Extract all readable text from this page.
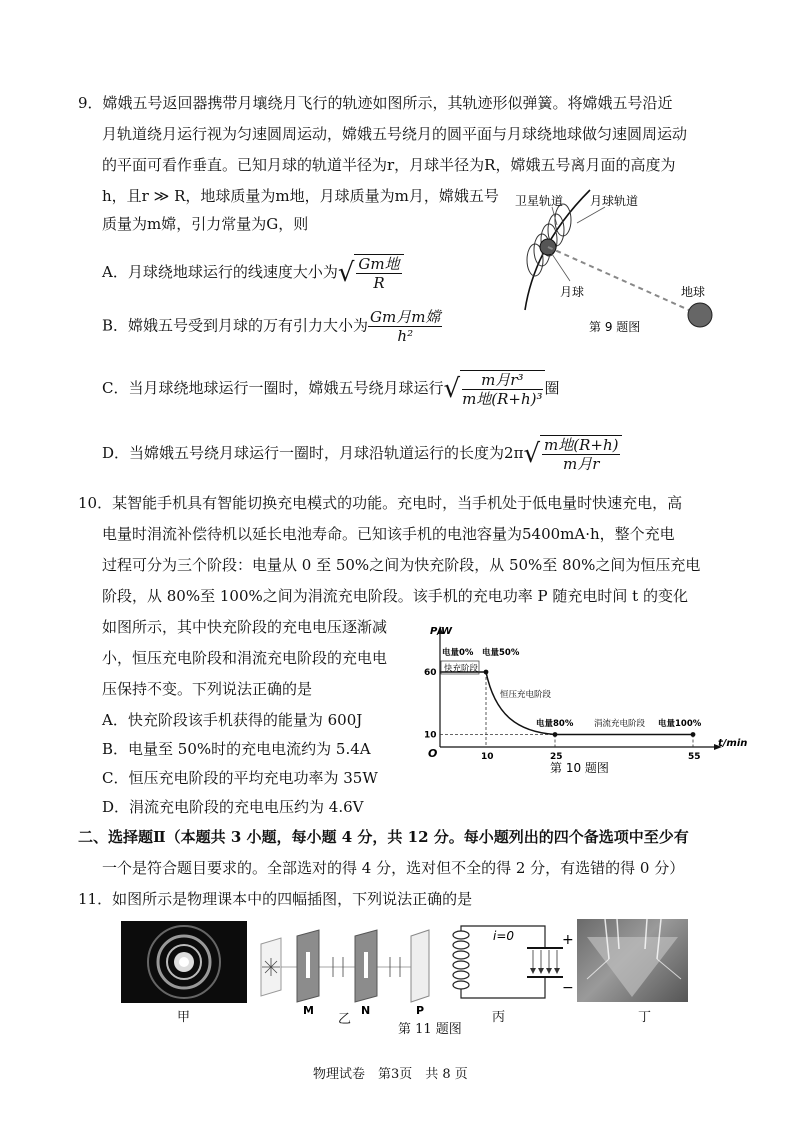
9．嫦娥五号返回器携带月壤绕月飞行的轨迹如图所示，其轨迹形似弹簧。将嫦娥五号沿近
月轨道绕月运行视为匀速圆周运动，嫦娥五号绕月的圆平面与月球绕地球做匀速圆周运动
的平面可看作垂直。已知月球的轨道半径为r，月球半径为R，嫦娥五号离月面的高度为
h，且r ≫ R，地球质量为m地，月球质量为m月，嫦娥五号
质量为m嫦，引力常量为G，则
A．月球绕地球运行的线速度大小为√ $\frac{\text{Gm地}}{R}$
B．嫦娥五号受到月球的万有引力大小为 $\frac{\text{Gm月m嫦}}{\text{h²}}$
C．当月球绕地球运行一圈时，嫦娥五号绕月球运行√ $\frac{\text{m月r³}}{\text{m地(R+h)³}}$ 圈
D．当嫦娥五号绕月球运行一圈时，月球沿轨道运行的长度为$2\pi√ \frac{\text{m地(R+h)}}{\text{m月r}}$
卫星轨道 月球轨道
月球	地球
第 9 题图
10．某智能手机具有智能切换充电模式的功能。充电时，当手机处于低电量时快速充电，高
电量时涓流补偿待机以延长电池寿命。已知该手机的电池容量为5400mA·h，整个充电
过程可分为三个阶段：电量从 0 至 50%之间为快充阶段，从 50%至 80%之间为恒压充电
阶段，从 80%至 100%之间为涓流充电阶段。该手机的充电功率 P 随充电时间 t 的变化
如图所示，其中快充阶段的充电电压逐渐减
小，恒压充电阶段和涓流充电阶段的充电电
压保持不变。下列说法正确的是
A．快充阶段该手机获得的能量为 600J
B．电量至 50%时的充电电流约为 5.4A
C．恒压充电阶段的平均充电功率为 35W
D．涓流充电阶段的充电电压约为 4.6V
P/W
t/min
O	10	25	55
60
10
电量0% 电量50%
快充阶段
恒压充电阶段
电量80% 涓流充电阶段 电量100%
第 10 题图
二、选择题Ⅱ（本题共 3 小题，每小题 4 分，共 12 分。每小题列出的四个备选项中至少有
一个是符合题目要求的。全部选对的得 4 分，选对但不全的得 2 分，有选错的得 0 分）
11．如图所示是物理课本中的四幅插图，下列说法正确的是
M	N	P
i=0	+
−
甲	乙
第 11 题图
丙	丁
物理试卷　第3页　共 8 页
